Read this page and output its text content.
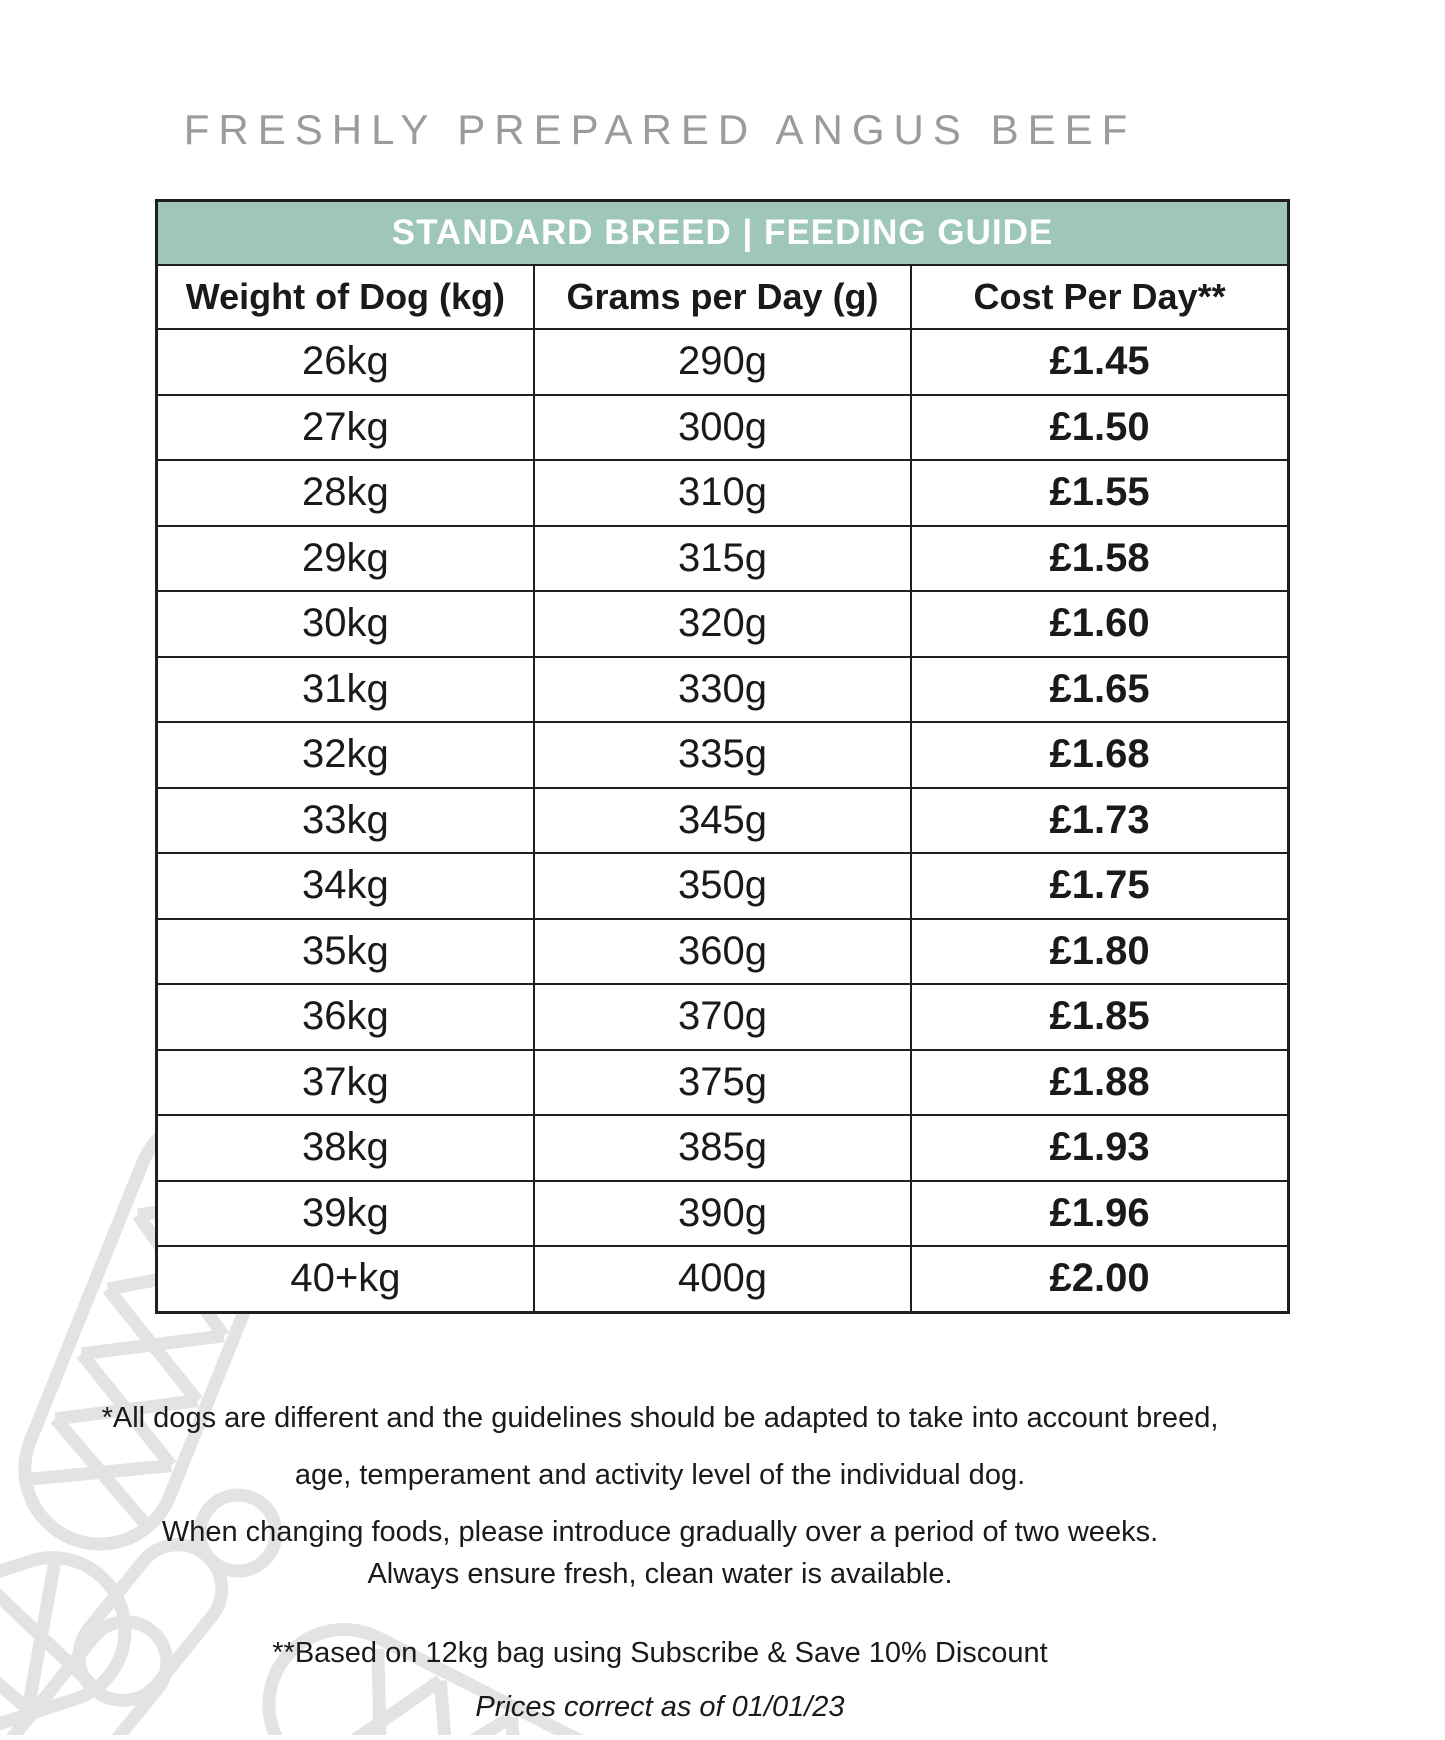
FRESHLY PREPARED ANGUS BEEF
STANDARD BREED | FEEDING GUIDE		
Weight of Dog (kg)	Grams per Day (g)	Cost Per Day**
26kg	290g	£1.45
27kg	300g	£1.50
28kg	310g	£1.55
29kg	315g	£1.58
30kg	320g	£1.60
31kg	330g	£1.65
32kg	335g	£1.68
33kg	345g	£1.73
34kg	350g	£1.75
35kg	360g	£1.80
36kg	370g	£1.85
37kg	375g	£1.88
38kg	385g	£1.93
39kg	390g	£1.96
40+kg	400g	£2.00

*All dogs are different and the guidelines should be adapted to take into account breed,
age, temperament and activity level of the individual dog.
When changing foods, please introduce gradually over a period of two weeks.

Always ensure fresh, clean water is available.

**Based on 12kg bag using Subscribe & Save 10% Discount
Prices correct as of 01/01/23
